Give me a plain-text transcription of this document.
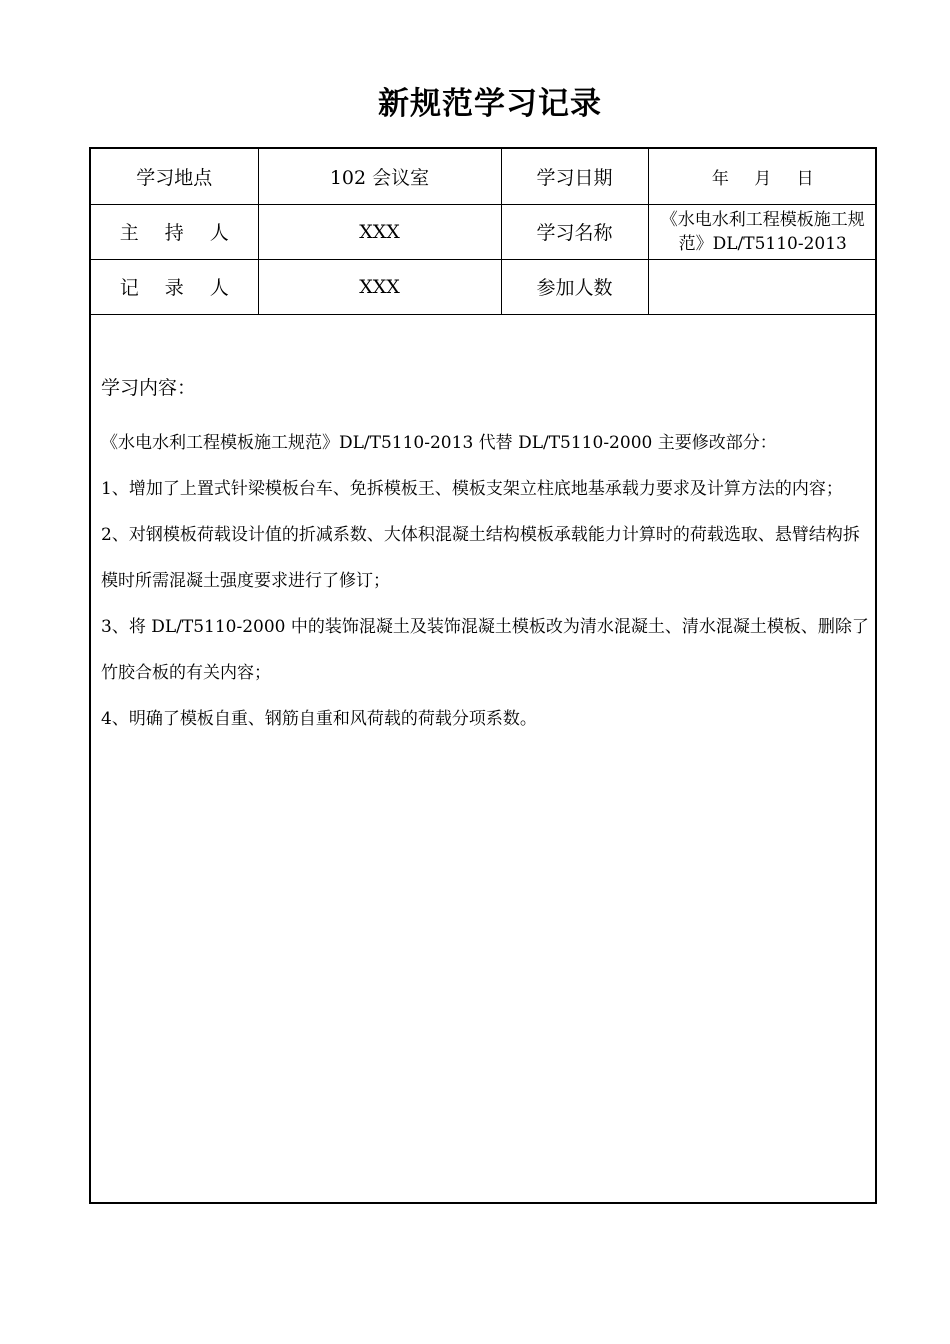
新规范学习记录
学习地点	102 会议室	学习日期	年 月 日
主 持 人	XXX	学习名称	《水电水利工程模板施工规范》DL/T5110-2013
记 录 人	XXX	参加人数	
学习内容：

《水电水利工程模板施工规范》DL/T5110-2013 代替 DL/T5110-2000 主要修改部分：

1、增加了上置式针梁模板台车、免拆模板王、模板支架立柱底地基承载力要求及计算方法的内容；

2、对钢模板荷载设计值的折减系数、大体积混凝土结构模板承载能力计算时的荷载选取、悬臂结构拆模时所需混凝土强度要求进行了修订；

3、将 DL/T5110-2000 中的装饰混凝土及装饰混凝土模板改为清水混凝土、清水混凝土模板、删除了竹胶合板的有关内容；

4、明确了模板自重、钢筋自重和风荷载的荷载分项系数。
